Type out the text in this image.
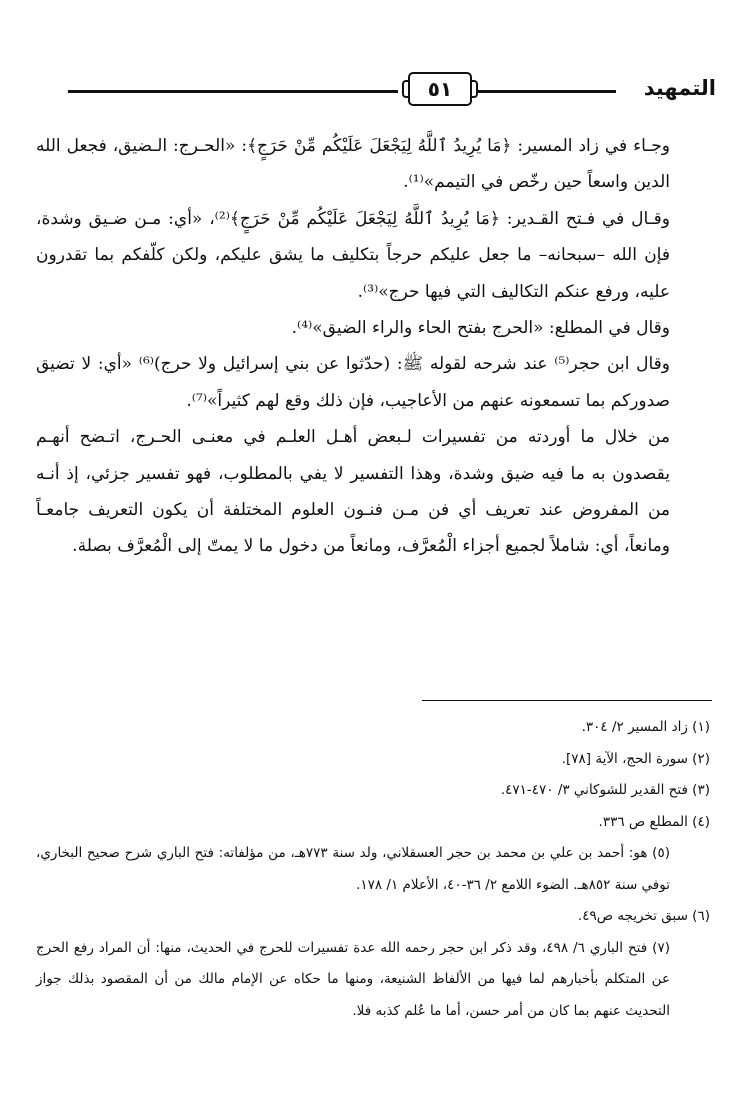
التمهيد
٥١

وجـاء في زاد المسير: ﴿مَا يُرِيدُ ٱللَّهُ لِيَجْعَلَ عَلَيْكُم مِّنْ حَرَجٍ﴾: «الحـرج: الـضيق، فجعل الله الدين واسعاً حين رخّص في التيمم»⁽¹⁾.

وقـال في فـتح القـدير: ﴿مَا يُرِيدُ ٱللَّهُ لِيَجْعَلَ عَلَيْكُم مِّنْ حَرَجٍ﴾⁽²⁾، «أي: مـن ضـيق وشدة، فإن الله –سبحانه– ما جعل عليكم حرجاً بتكليف ما يشق عليكم، ولكن كلّفكم بما تقدرون عليه، ورفع عنكم التكاليف التي فيها حرج»⁽³⁾.

وقال في المطلع: «الحرج بفتح الحاء والراء الضيق»⁽⁴⁾.

وقال ابن حجر⁽⁵⁾ عند شرحه لقوله ﷺ: (حدّثوا عن بني إسرائيل ولا حرج)⁽⁶⁾ «أي: لا تضيق صدوركم بما تسمعونه عنهم من الأعاجيب، فإن ذلك وقع لهم كثيراً»⁽⁷⁾.

من خلال ما أوردته من تفسيرات لـبعض أهـل العلـم في معنـى الحـرج، اتـضح أنهـم يقصدون به ما فيه ضيق وشدة، وهذا التفسير لا يفي بالمطلوب، فهو تفسير جزئي، إذ أنـه من المفروض عند تعريف أي فن مـن فنـون العلوم المختلفة أن يكون التعريف جامعـاً ومانعاً، أي: شاملاً لجميع أجزاء الْمُعرَّف، ومانعاً من دخول ما لا يمتّ إلى الْمُعرَّف بصلة.

(١) زاد المسير ٢/ ٣٠٤.

(٢) سورة الحج، الآية [٧٨].

(٣) فتح القدير للشوكاني ٣/ ٤٧٠-٤٧١.

(٤) المطلع ص ٣٣٦.

(٥) هو: أحمد بن علي بن محمد بن حجر العسقلاني، ولد سنة ٧٧٣هـ، من مؤلفاته: فتح الباري شرح صحيح البخاري، توفي سنة ٨٥٢هـ. الضوء اللامع ٢/ ٣٦-٤٠، الأعلام ١/ ١٧٨.

(٦) سبق تخريجه ص٤٩.

(٧) فتح الباري ٦/ ٤٩٨، وقد ذكر ابن حجر رحمه الله عدة تفسيرات للحرج في الحديث، منها: أن المراد رفع الحرج عن المتكلم بأخبارهم لما فيها من الألفاظ الشنيعة، ومنها ما حكاه عن الإمام مالك من أن المقصود بذلك جواز التحديث عنهم بما كان من أمر حسن، أما ما عُلم كذبه فلا.
